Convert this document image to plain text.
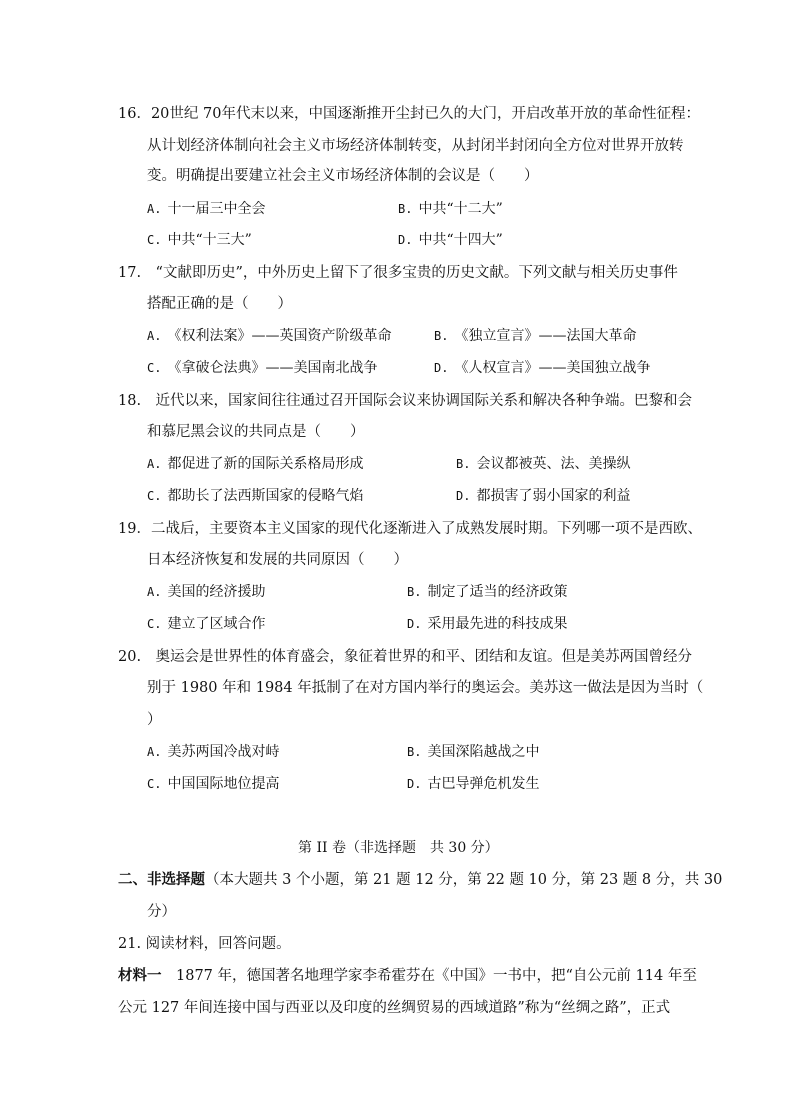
16．20世纪 70年代末以来，中国逐渐推开尘封已久的大门，开启改革开放的革命性征程：
从计划经济体制向社会主义市场经济体制转变，从封闭半封闭向全方位对世界开放转
变。明确提出要建立社会主义市场经济体制的会议是（　　）
A. 十一届三中全会	B. 中共“十二大”
C. 中共“十三大”	D. 中共“十四大”
17.　“文献即历史”，中外历史上留下了很多宝贵的历史文献。下列文献与相关历史事件
搭配正确的是（　　）
A. 《权利法案》——英国资产阶级革命	B. 《独立宣言》——法国大革命
C. 《拿破仑法典》——美国南北战争	D. 《人权宣言》——美国独立战争
18.　近代以来，国家间往往通过召开国际会议来协调国际关系和解决各种争端。巴黎和会
和慕尼黑会议的共同点是（　　）
A. 都促进了新的国际关系格局形成	B. 会议都被英、法、美操纵
C. 都助长了法西斯国家的侵略气焰	D. 都损害了弱小国家的利益
19．二战后，主要资本主义国家的现代化逐渐进入了成熟发展时期。下列哪一项不是西欧、
日本经济恢复和发展的共同原因（　　）
A. 美国的经济援助	B. 制定了适当的经济政策
C. 建立了区域合作	D. 采用最先进的科技成果
20.　奥运会是世界性的体育盛会，象征着世界的和平、团结和友谊。但是美苏两国曾经分
别于 1980 年和 1984 年抵制了在对方国内举行的奥运会。美苏这一做法是因为当时（
）
A. 美苏两国冷战对峙	B. 美国深陷越战之中
C. 中国国际地位提高	D. 古巴导弹危机发生
第 II 卷（非选择题　共 30 分）
二、非选择题（本大题共 3 个小题，第 21 题 12 分，第 22 题 10 分，第 23 题 8 分，共 30
分）
21. 阅读材料，回答问题。
材料一　1877 年，德国著名地理学家李希霍芬在《中国》一书中，把“自公元前 114 年至
公元 127 年间连接中国与西亚以及印度的丝绸贸易的西域道路”称为“丝绸之路”，正式
